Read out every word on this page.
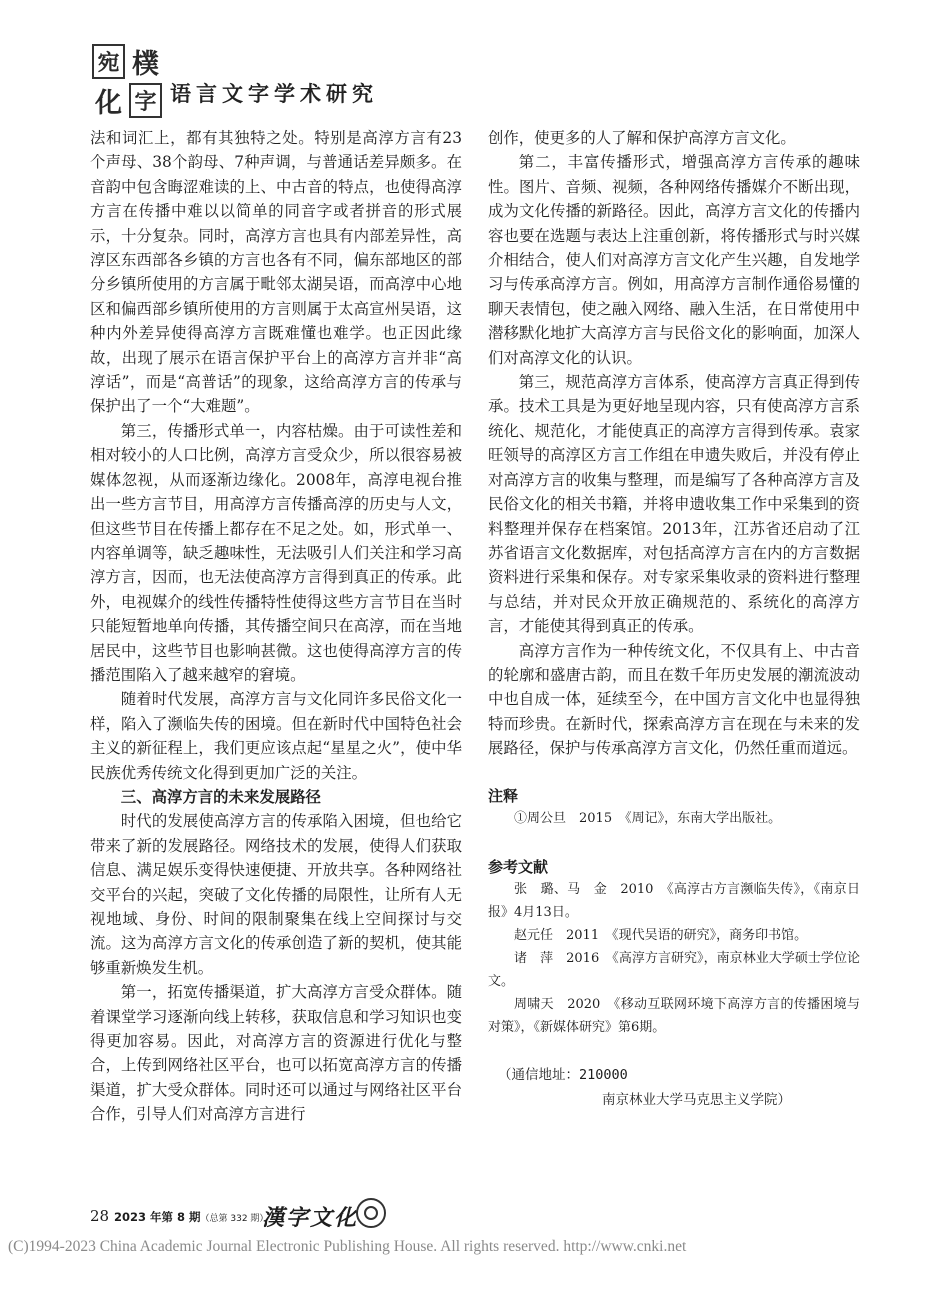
宛 樸
化 字 语言文字学术研究

法和词汇上，都有其独特之处。特别是高淳方言有23个声母、38个韵母、7种声调，与普通话差异颇多。在音韵中包含晦涩难读的上、中古音的特点，也使得高淳方言在传播中难以以简单的同音字或者拼音的形式展示，十分复杂。同时，高淳方言也具有内部差异性，高淳区东西部各乡镇的方言也各有不同，偏东部地区的部分乡镇所使用的方言属于毗邻太湖吴语，而高淳中心地区和偏西部乡镇所使用的方言则属于太高宣州吴语，这种内外差异使得高淳方言既难懂也难学。也正因此缘故，出现了展示在语言保护平台上的高淳方言并非“高淳话”，而是“高普话”的现象，这给高淳方言的传承与保护出了一个“大难题”。

第三，传播形式单一，内容枯燥。由于可读性差和相对较小的人口比例，高淳方言受众少，所以很容易被媒体忽视，从而逐渐边缘化。2008年，高淳电视台推出一些方言节目，用高淳方言传播高淳的历史与人文，但这些节目在传播上都存在不足之处。如，形式单一、内容单调等，缺乏趣味性，无法吸引人们关注和学习高淳方言，因而，也无法使高淳方言得到真正的传承。此外，电视媒介的线性传播特性使得这些方言节目在当时只能短暂地单向传播，其传播空间只在高淳，而在当地居民中，这些节目也影响甚微。这也使得高淳方言的传播范围陷入了越来越窄的窘境。

随着时代发展，高淳方言与文化同许多民俗文化一样，陷入了濒临失传的困境。但在新时代中国特色社会主义的新征程上，我们更应该点起“星星之火”，使中华民族优秀传统文化得到更加广泛的关注。

三、高淳方言的未来发展路径

时代的发展使高淳方言的传承陷入困境，但也给它带来了新的发展路径。网络技术的发展，使得人们获取信息、满足娱乐变得快速便捷、开放共享。各种网络社交平台的兴起，突破了文化传播的局限性，让所有人无视地域、身份、时间的限制聚集在线上空间探讨与交流。这为高淳方言文化的传承创造了新的契机，使其能够重新焕发生机。

第一，拓宽传播渠道，扩大高淳方言受众群体。随着课堂学习逐渐向线上转移，获取信息和学习知识也变得更加容易。因此，对高淳方言的资源进行优化与整合，上传到网络社区平台，也可以拓宽高淳方言的传播渠道，扩大受众群体。同时还可以通过与网络社区平台合作，引导人们对高淳方言进行

创作，使更多的人了解和保护高淳方言文化。

第二，丰富传播形式，增强高淳方言传承的趣味性。图片、音频、视频，各种网络传播媒介不断出现，成为文化传播的新路径。因此，高淳方言文化的传播内容也要在选题与表达上注重创新，将传播形式与时兴媒介相结合，使人们对高淳方言文化产生兴趣，自发地学习与传承高淳方言。例如，用高淳方言制作通俗易懂的聊天表情包，使之融入网络、融入生活，在日常使用中潜移默化地扩大高淳方言与民俗文化的影响面，加深人们对高淳文化的认识。

第三，规范高淳方言体系，使高淳方言真正得到传承。技术工具是为更好地呈现内容，只有使高淳方言系统化、规范化，才能使真正的高淳方言得到传承。袁家旺领导的高淳区方言工作组在申遗失败后，并没有停止对高淳方言的收集与整理，而是编写了各种高淳方言及民俗文化的相关书籍，并将申遗收集工作中采集到的资料整理并保存在档案馆。2013年，江苏省还启动了江苏省语言文化数据库，对包括高淳方言在内的方言数据资料进行采集和保存。对专家采集收录的资料进行整理与总结，并对民众开放正确规范的、系统化的高淳方言，才能使其得到真正的传承。

高淳方言作为一种传统文化，不仅具有上、中古音的轮廓和盛唐古韵，而且在数千年历史发展的潮流波动中也自成一体，延续至今，在中国方言文化中也显得独特而珍贵。在新时代，探索高淳方言在现在与未来的发展路径，保护与传承高淳方言文化，仍然任重而道远。

注释

①周公旦　2015　《周记》，东南大学出版社。

参考文献

张　璐、马　金　2010　《高淳古方言濒临失传》，《南京日报》4月13日。

赵元任　2011　《现代吴语的研究》，商务印书馆。

诸　萍　2016　《高淳方言研究》，南京林业大学硕士学位论文。

周啸天　2020　《移动互联网环境下高淳方言的传播困境与对策》，《新媒体研究》第6期。

（通信地址：210000
南京林业大学马克思主义学院）
28 2023 年第 8 期（总第 332 期）
漢字文化
(C)1994-2023 China Academic Journal Electronic Publishing House. All rights reserved. http://www.cnki.net
